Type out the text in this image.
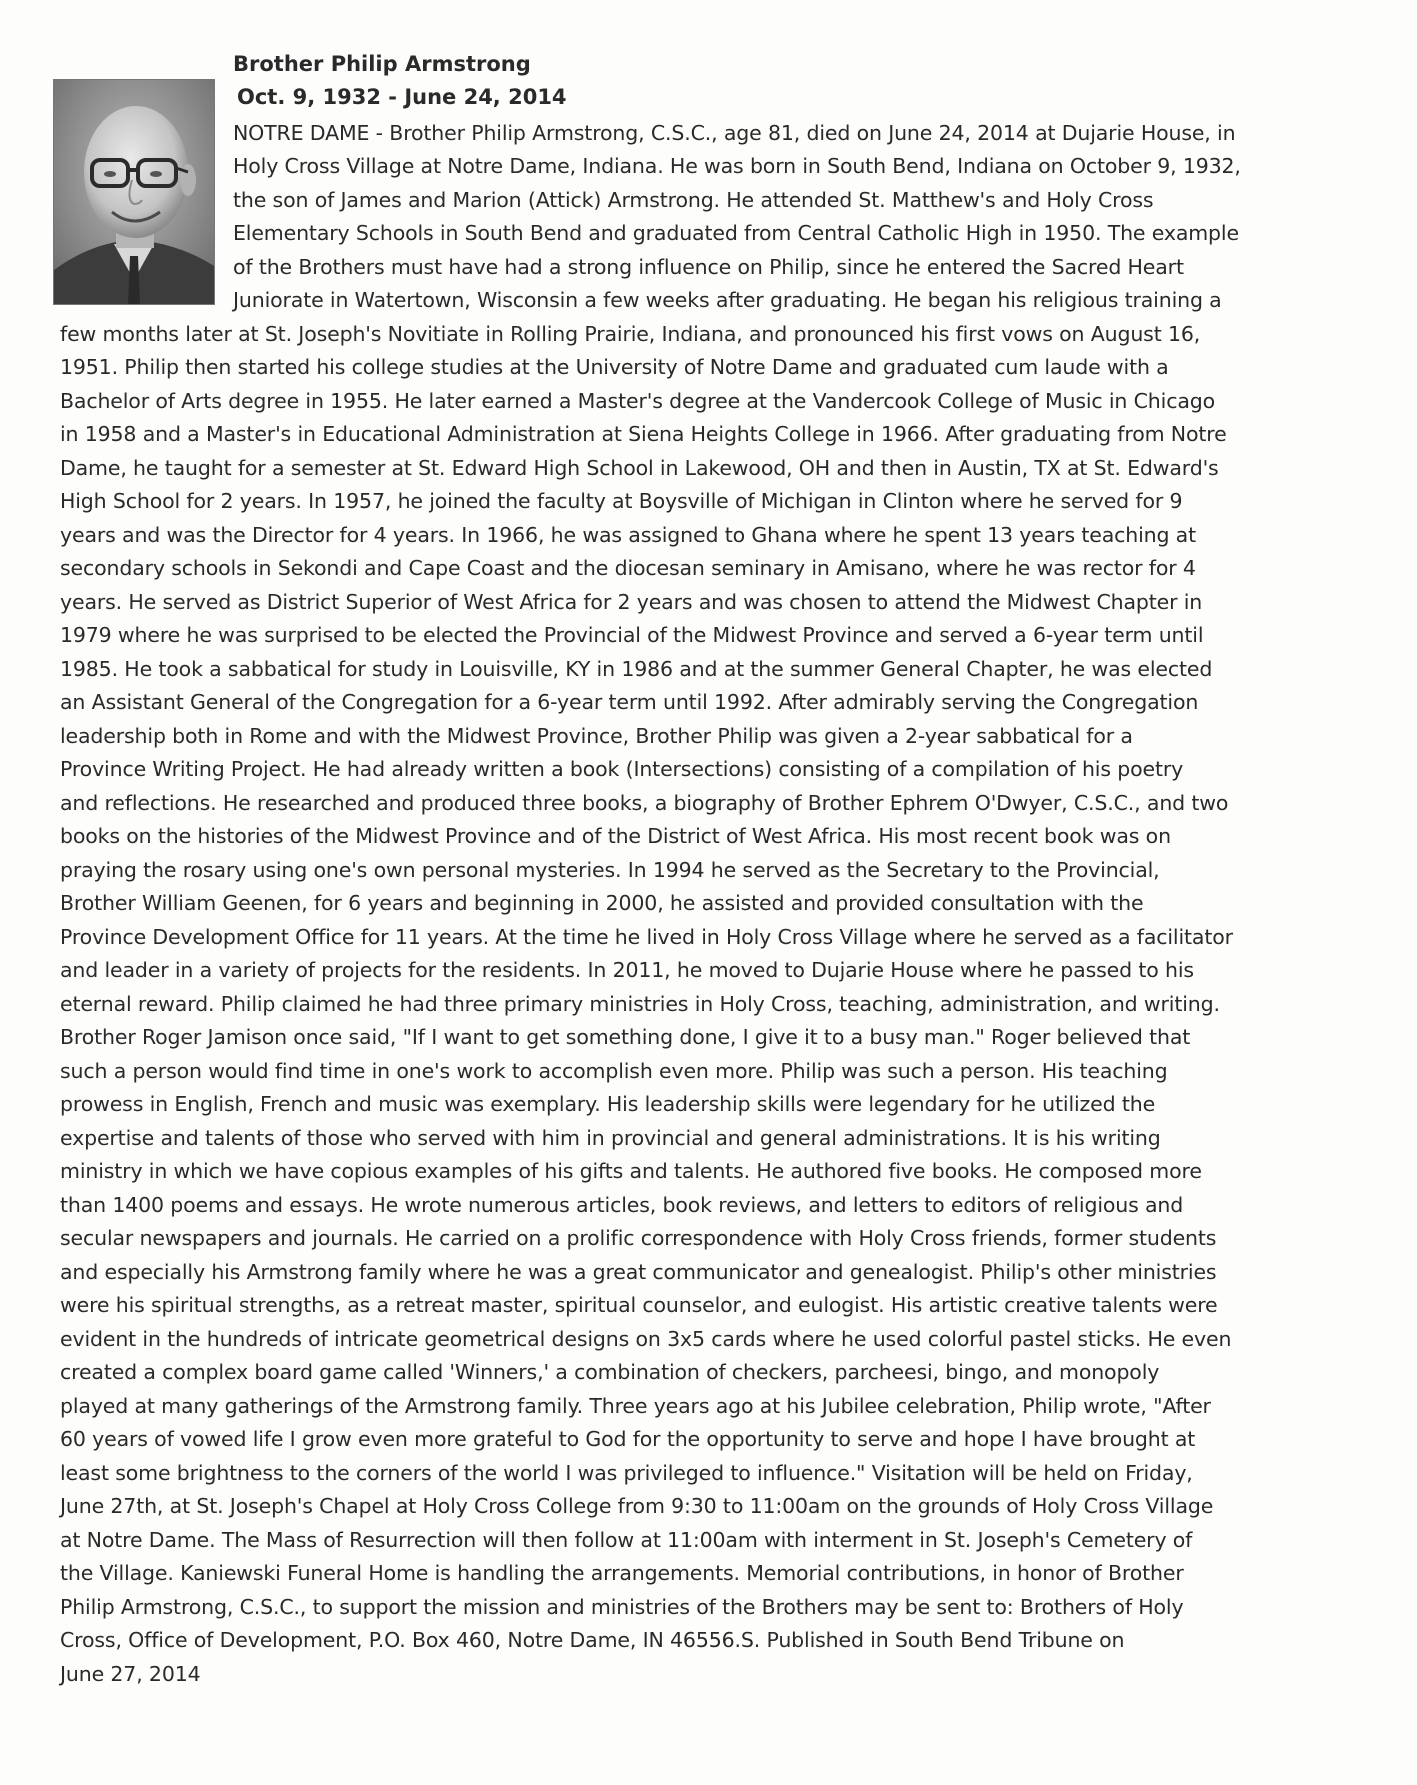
Brother Philip Armstrong
Oct. 9, 1932 - June 24, 2014
NOTRE DAME - Brother Philip Armstrong, C.S.C., age 81, died on June 24, 2014 at Dujarie House, in
Holy Cross Village at Notre Dame, Indiana. He was born in South Bend, Indiana on October 9, 1932,
the son of James and Marion (Attick) Armstrong. He attended St. Matthew's and Holy Cross
Elementary Schools in South Bend and graduated from Central Catholic High in 1950. The example
of the Brothers must have had a strong influence on Philip, since he entered the Sacred Heart
Juniorate in Watertown, Wisconsin a few weeks after graduating. He began his religious training a
few months later at St. Joseph's Novitiate in Rolling Prairie, Indiana, and pronounced his first vows on August 16,
1951. Philip then started his college studies at the University of Notre Dame and graduated cum laude with a
Bachelor of Arts degree in 1955. He later earned a Master's degree at the Vandercook College of Music in Chicago
in 1958 and a Master's in Educational Administration at Siena Heights College in 1966. After graduating from Notre
Dame, he taught for a semester at St. Edward High School in Lakewood, OH and then in Austin, TX at St. Edward's
High School for 2 years. In 1957, he joined the faculty at Boysville of Michigan in Clinton where he served for 9
years and was the Director for 4 years. In 1966, he was assigned to Ghana where he spent 13 years teaching at
secondary schools in Sekondi and Cape Coast and the diocesan seminary in Amisano, where he was rector for 4
years. He served as District Superior of West Africa for 2 years and was chosen to attend the Midwest Chapter in
1979 where he was surprised to be elected the Provincial of the Midwest Province and served a 6-year term until
1985. He took a sabbatical for study in Louisville, KY in 1986 and at the summer General Chapter, he was elected
an Assistant General of the Congregation for a 6-year term until 1992. After admirably serving the Congregation
leadership both in Rome and with the Midwest Province, Brother Philip was given a 2-year sabbatical for a
Province Writing Project. He had already written a book (Intersections) consisting of a compilation of his poetry
and reflections. He researched and produced three books, a biography of Brother Ephrem O'Dwyer, C.S.C., and two
books on the histories of the Midwest Province and of the District of West Africa. His most recent book was on
praying the rosary using one's own personal mysteries. In 1994 he served as the Secretary to the Provincial,
Brother William Geenen, for 6 years and beginning in 2000, he assisted and provided consultation with the
Province Development Office for 11 years. At the time he lived in Holy Cross Village where he served as a facilitator
and leader in a variety of projects for the residents. In 2011, he moved to Dujarie House where he passed to his
eternal reward. Philip claimed he had three primary ministries in Holy Cross, teaching, administration, and writing.
Brother Roger Jamison once said, "If I want to get something done, I give it to a busy man." Roger believed that
such a person would find time in one's work to accomplish even more. Philip was such a person. His teaching
prowess in English, French and music was exemplary. His leadership skills were legendary for he utilized the
expertise and talents of those who served with him in provincial and general administrations. It is his writing
ministry in which we have copious examples of his gifts and talents. He authored five books. He composed more
than 1400 poems and essays. He wrote numerous articles, book reviews, and letters to editors of religious and
secular newspapers and journals. He carried on a prolific correspondence with Holy Cross friends, former students
and especially his Armstrong family where he was a great communicator and genealogist. Philip's other ministries
were his spiritual strengths, as a retreat master, spiritual counselor, and eulogist. His artistic creative talents were
evident in the hundreds of intricate geometrical designs on 3x5 cards where he used colorful pastel sticks. He even
created a complex board game called 'Winners,' a combination of checkers, parcheesi, bingo, and monopoly
played at many gatherings of the Armstrong family. Three years ago at his Jubilee celebration, Philip wrote, "After
60 years of vowed life I grow even more grateful to God for the opportunity to serve and hope I have brought at
least some brightness to the corners of the world I was privileged to influence." Visitation will be held on Friday,
June 27th, at St. Joseph's Chapel at Holy Cross College from 9:30 to 11:00am on the grounds of Holy Cross Village
at Notre Dame. The Mass of Resurrection will then follow at 11:00am with interment in St. Joseph's Cemetery of
the Village. Kaniewski Funeral Home is handling the arrangements. Memorial contributions, in honor of Brother
Philip Armstrong, C.S.C., to support the mission and ministries of the Brothers may be sent to: Brothers of Holy
Cross, Office of Development, P.O. Box 460, Notre Dame, IN 46556.S. Published in South Bend Tribune on
June 27, 2014
